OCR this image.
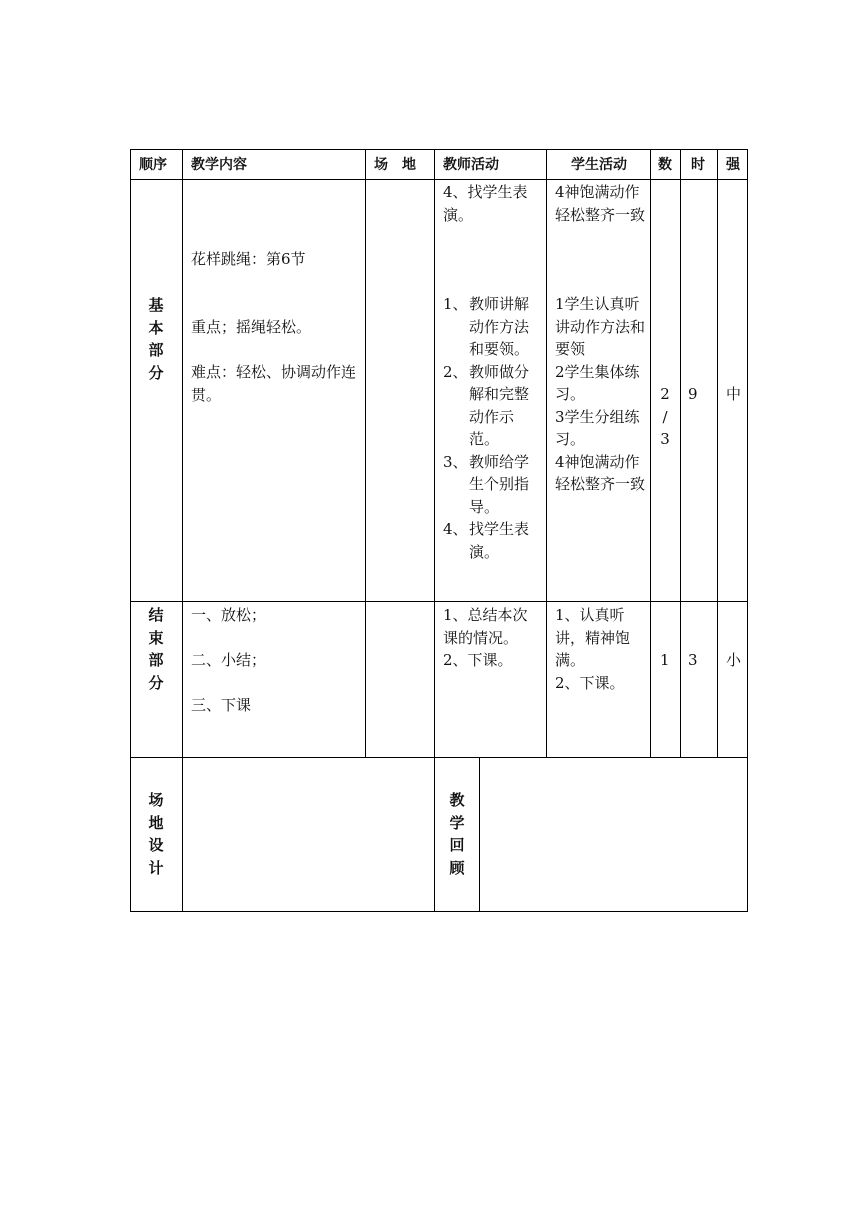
顺序 教学内容	场　地 教师活动	学生活动 数 时 强
基
本
部
分
花样跳绳：第6节
重点；摇绳轻松。
难点：轻松、协调动作连贯。
4、找学生表演。
1、 教师讲解动作方法和要领。
2、 教师做分解和完整动作示范。
3、 教师给学生个别指导。
4、 找学生表演。
4神饱满动作轻松整齐一致
1学生认真听讲动作方法和要领
2学生集体练习。
3学生分组练习。
4神饱满动作轻松整齐一致
2
/
3
9 中
结
束
部
分
一、放松；
二、小结；
三、下课
1、总结本次课的情况。
2、下课。
1、认真听讲，精神饱满。
2、下课。
1 3 小
场
地
设
计
教
学
回
顾
